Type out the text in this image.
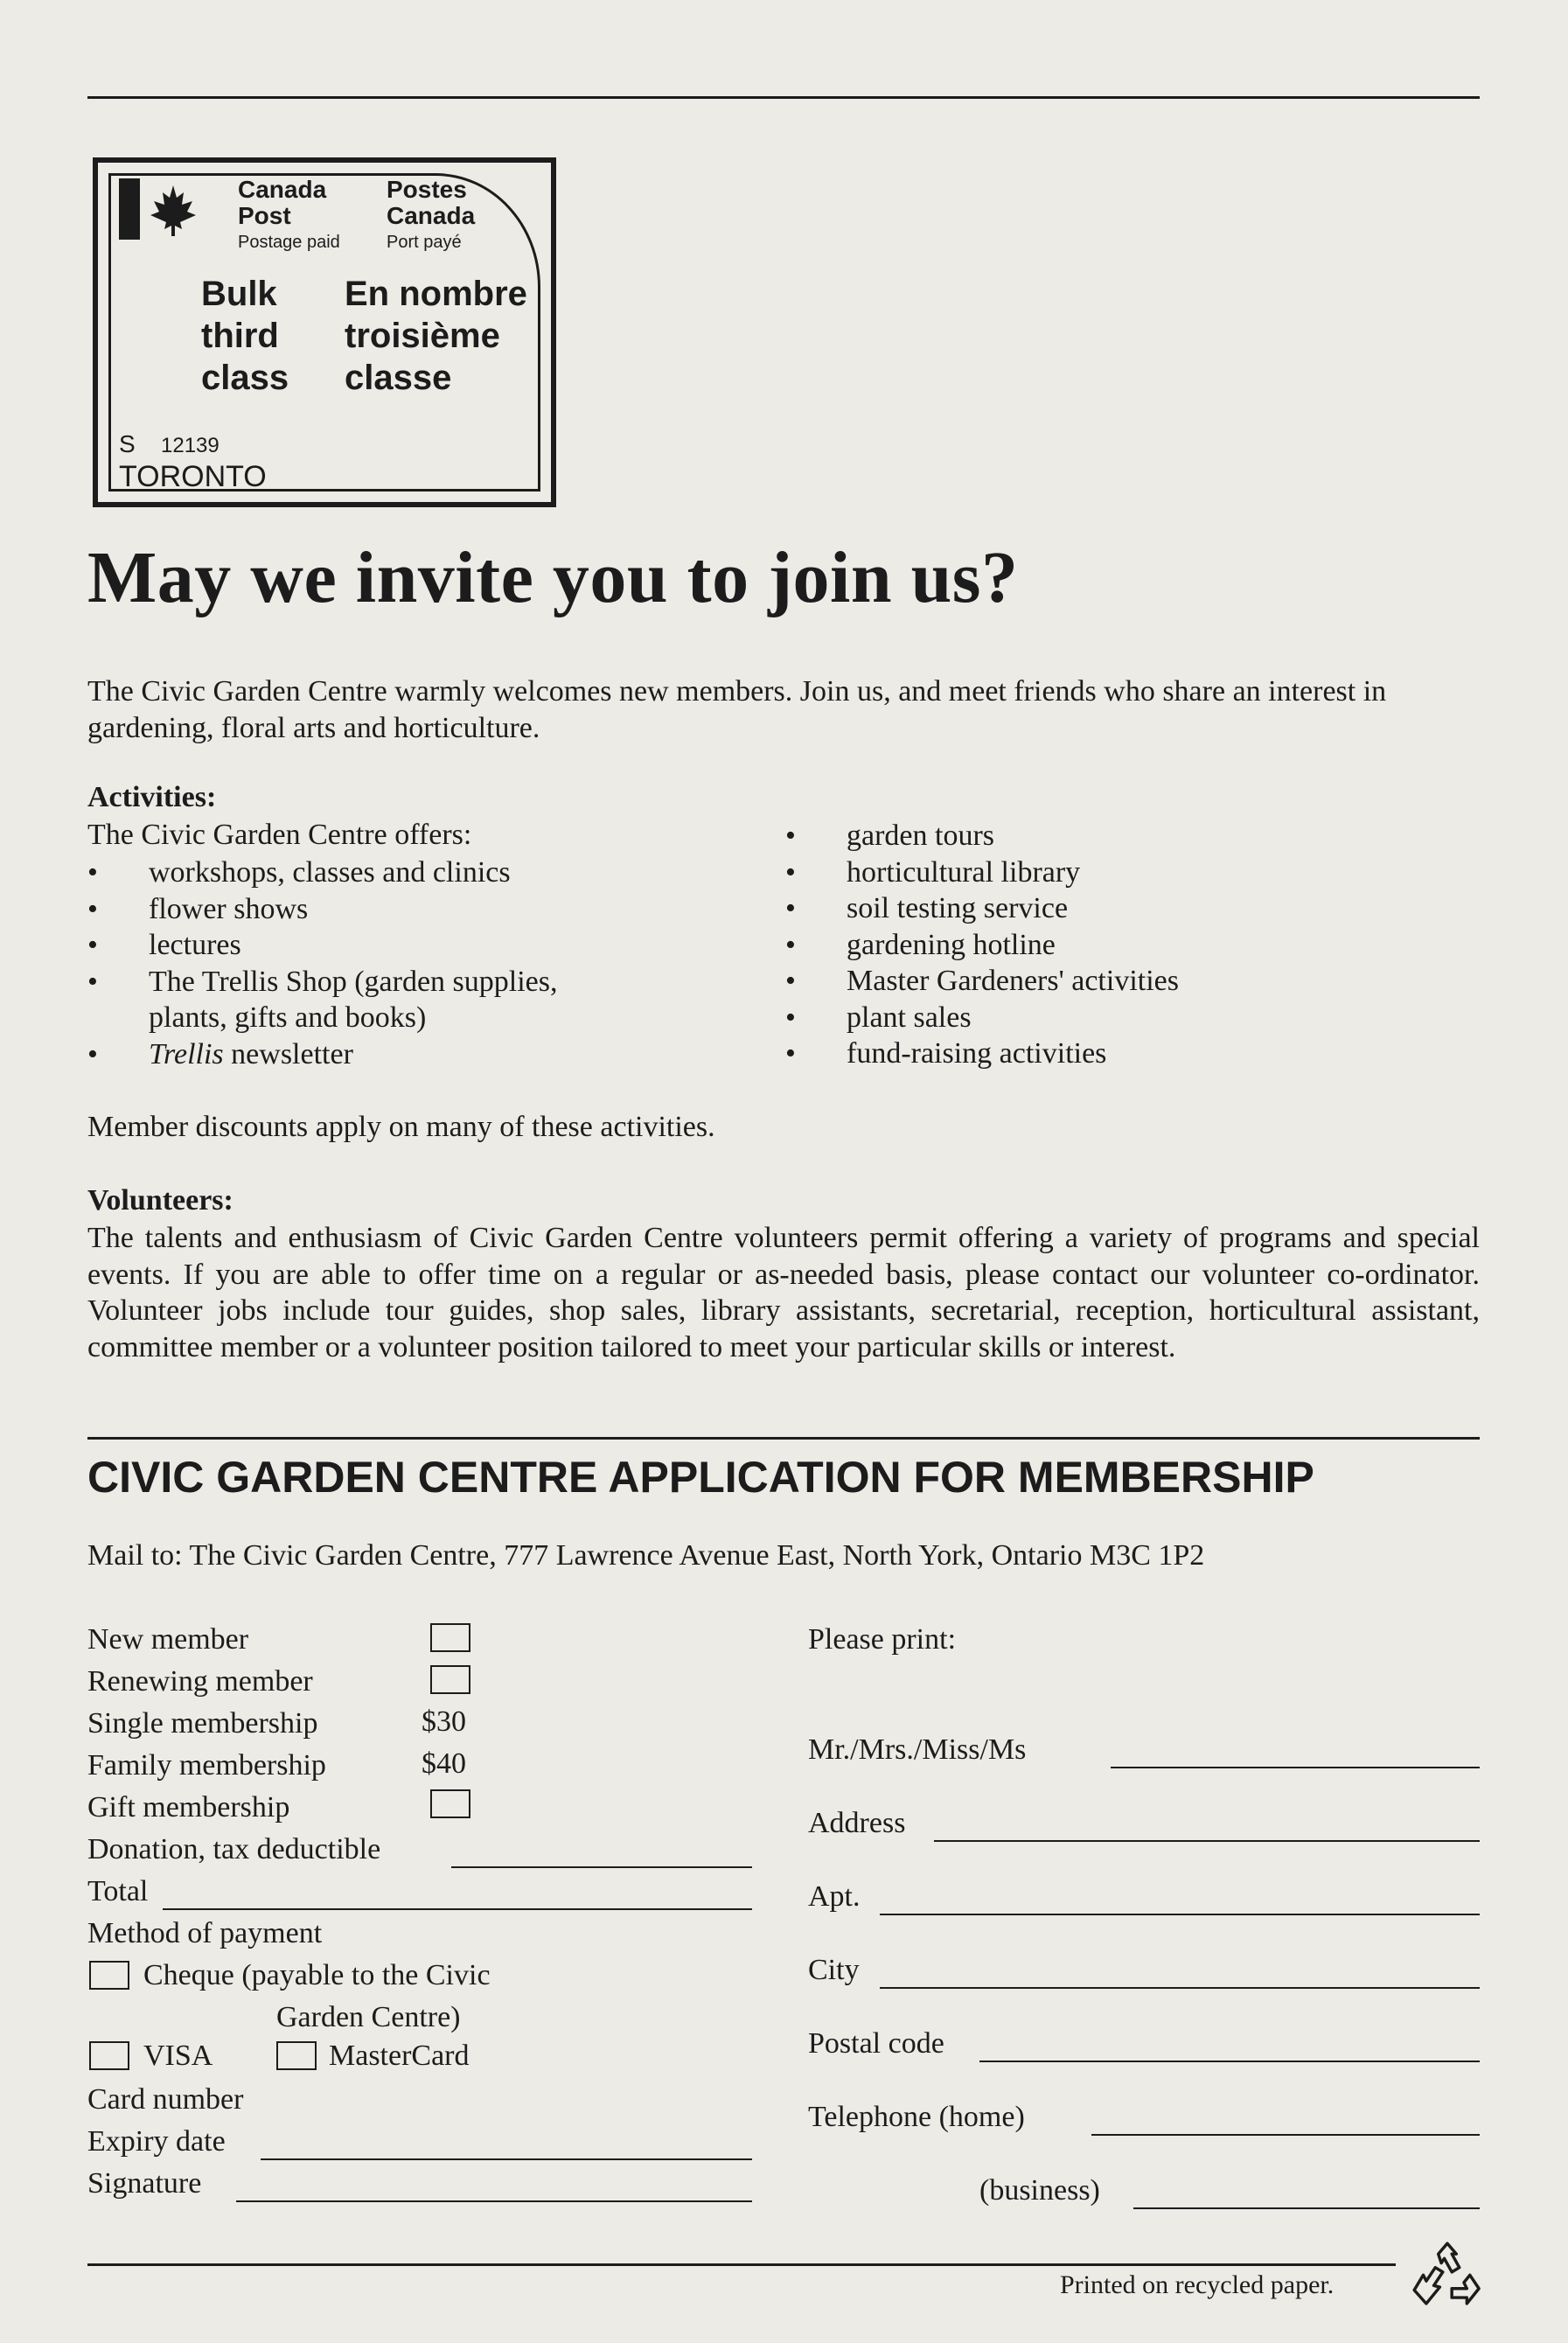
Canada
Post
Postage paid
Postes
Canada
Port payé
Bulk
third
class
En nombre
troisième
classe
S 12139
TORONTO
May we invite you to join us?
The Civic Garden Centre warmly welcomes new members. Join us, and meet friends who share an interest in gardening, floral arts and horticulture.
Activities:
The Civic Garden Centre offers:
• workshops, classes and clinics
• flower shows
• lectures
• The Trellis Shop (garden supplies, plants, gifts and books)
• Trellis newsletter
• garden tours
• horticultural library
• soil testing service
• gardening hotline
• Master Gardeners' activities
• plant sales
• fund-raising activities
Member discounts apply on many of these activities.
Volunteers:
The talents and enthusiasm of Civic Garden Centre volunteers permit offering a variety of programs and special events. If you are able to offer time on a regular or as-needed basis, please contact our volunteer co-ordinator. Volunteer jobs include tour guides, shop sales, library assistants, secretarial, reception, horticultural assistant, committee member or a volunteer position tailored to meet your particular skills or interest.
CIVIC GARDEN CENTRE APPLICATION FOR MEMBERSHIP
Mail to: The Civic Garden Centre, 777 Lawrence Avenue East, North York, Ontario M3C 1P2
New member
Renewing member
Single membership	$30
Family membership	$40
Gift membership
Donation, tax deductible
Total
Method of payment
Cheque (payable to the Civic
Garden Centre)
VISA	MasterCard
Card number
Expiry date
Signature
Please print:
Mr./Mrs./Miss/Ms
Address
Apt.
City
Postal code
Telephone (home)
(business)
Printed on recycled paper.
